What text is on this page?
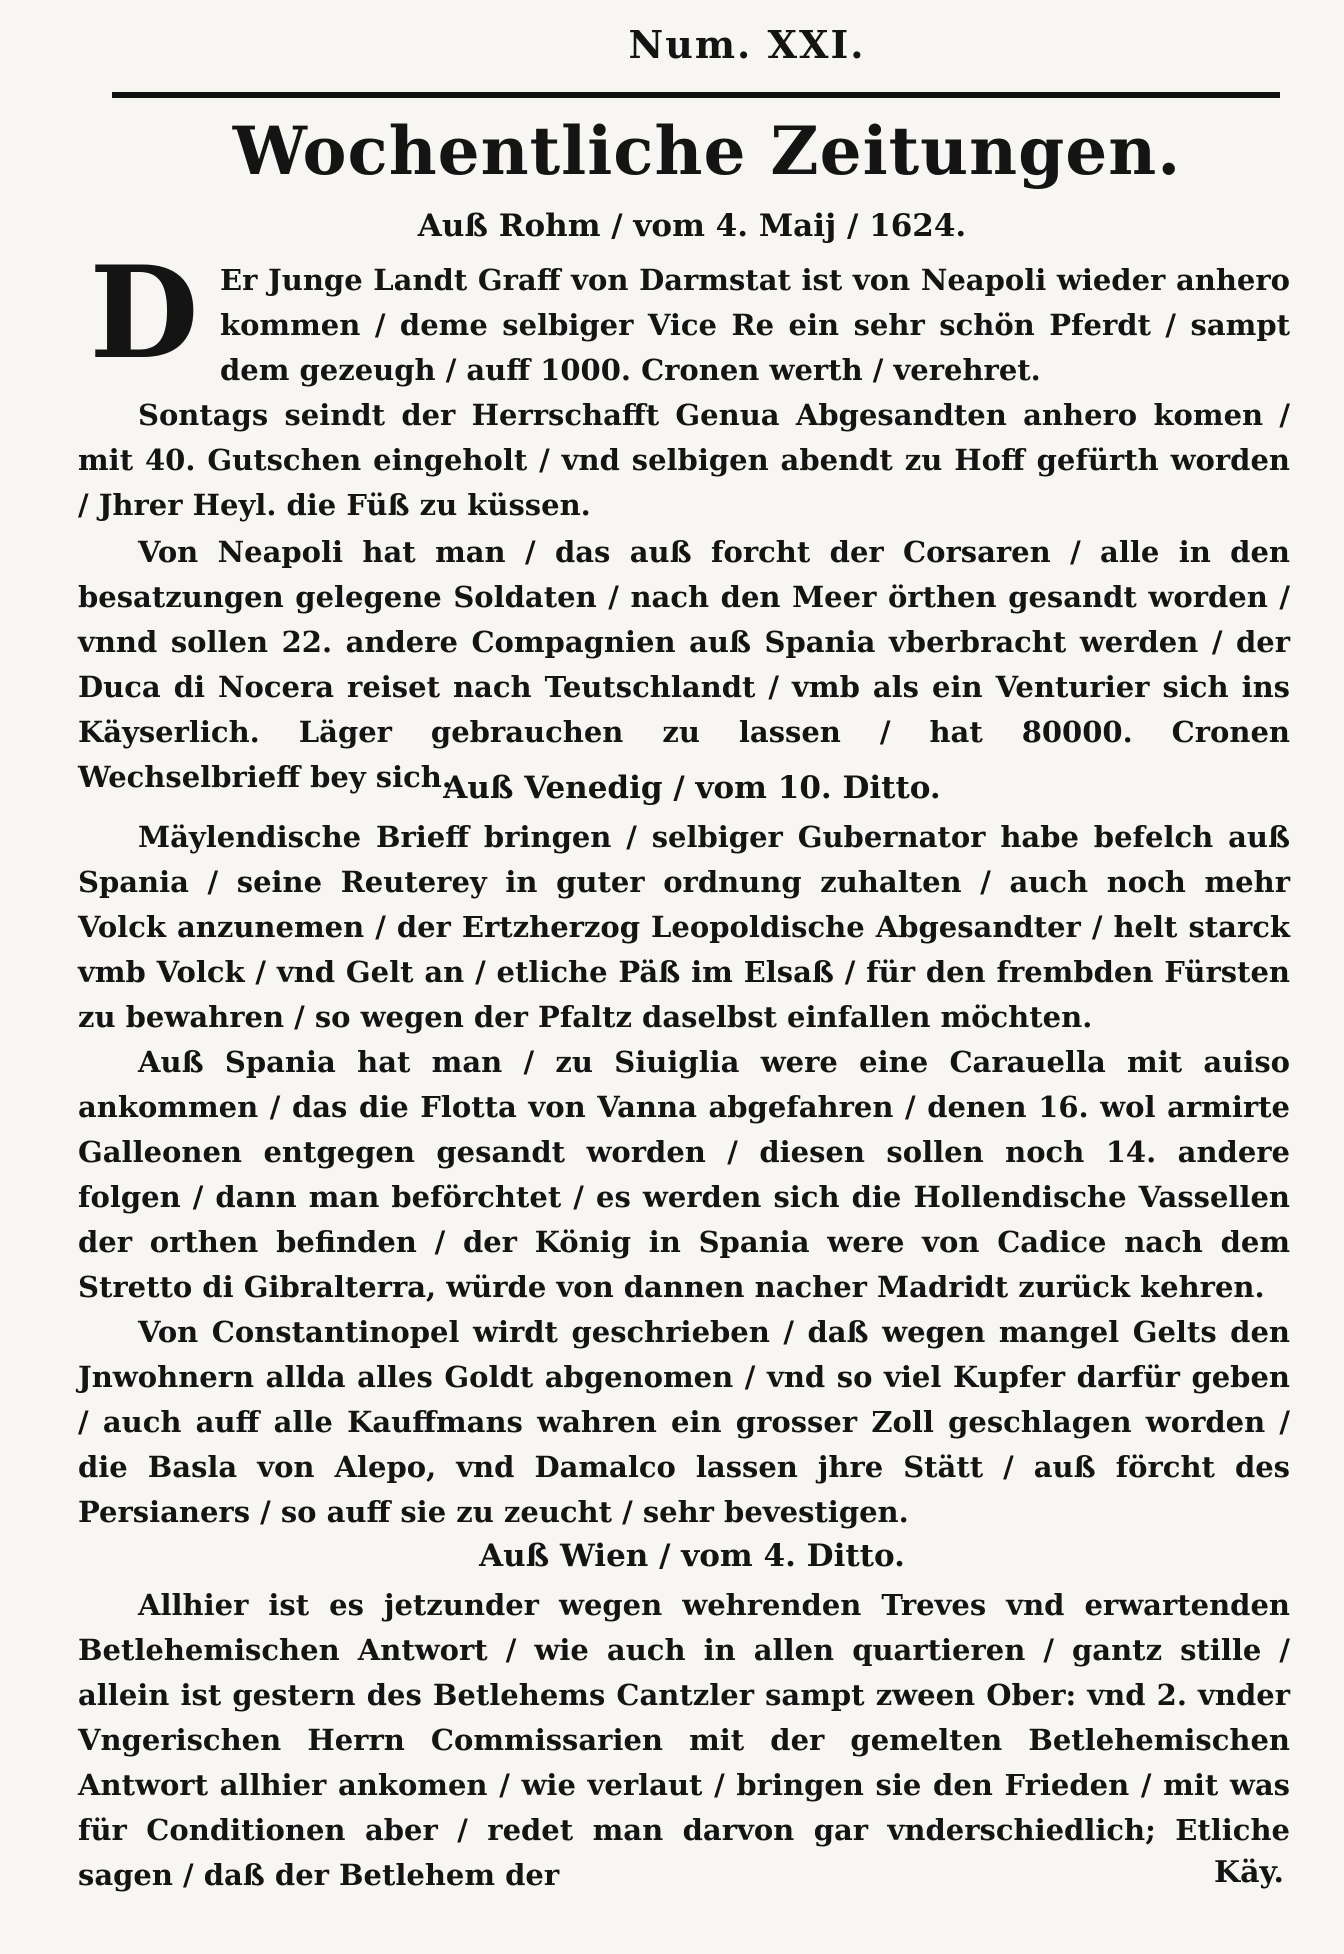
Num. XXI.
Wochentliche Zeitungen.
Auß Rohm / vom 4. Maij / 1624.
D Er Junge Landt Graff von Darmstat ist von Neapoli wieder anhero kommen / deme selbiger Vice Re ein sehr schön Pferdt / sampt dem gezeugh / auff 1000. Cronen werth / verehret.
Sontags seindt der Herrschafft Genua Abgesandten anhero komen / mit 40. Gutschen eingeholt / vnd selbigen abendt zu Hoff gefürth worden / Jhrer Heyl. die Füß zu küssen.
Von Neapoli hat man / das auß forcht der Corsaren / alle in den besatzungen gelegene Soldaten / nach den Meer örthen gesandt worden / vnnd sollen 22. andere Compagnien auß Spania vberbracht werden / der Duca di Nocera reiset nach Teutschlandt / vmb als ein Venturier sich ins Käyserlich. Läger gebrauchen zu lassen / hat 80000. Cronen Wechselbrieff bey sich.
Auß Venedig / vom 10. Ditto.
Mäylendische Brieff bringen / selbiger Gubernator habe befelch auß Spania / seine Reuterey in guter ordnung zuhalten / auch noch mehr Volck anzunemen / der Ertzherzog Leopoldische Abgesandter / helt starck vmb Volck / vnd Gelt an / etliche Päß im Elsaß / für den frembden Fürsten zu bewahren / so wegen der Pfaltz daselbst einfallen möchten.
Auß Spania hat man / zu Siuiglia were eine Carauella mit auiso ankommen / das die Flotta von Vanna abgefahren / denen 16. wol armirte Galleonen entgegen gesandt worden / diesen sollen noch 14. andere folgen / dann man beförchtet / es werden sich die Hollendische Vassellen der orthen befinden / der König in Spania were von Cadice nach dem Stretto di Gibralterra, würde von dannen nacher Madridt zurück kehren.
Von Constantinopel wirdt geschrieben / daß wegen mangel Gelts den Jnwohnern allda alles Goldt abgenomen / vnd so viel Kupfer darfür geben / auch auff alle Kauffmans wahren ein grosser Zoll geschlagen worden / die Basla von Alepo, vnd Damalco lassen jhre Stätt / auß förcht des Persianers / so auff sie zu zeucht / sehr bevestigen.
Auß Wien / vom 4. Ditto.
Allhier ist es jetzunder wegen wehrenden Treves vnd erwartenden Betlehemischen Antwort / wie auch in allen quartieren / gantz stille / allein ist gestern des Betlehems Cantzler sampt zween Ober: vnd 2. vnder Vngerischen Herrn Commissarien mit der gemelten Betlehemischen Antwort allhier ankomen / wie verlaut / bringen sie den Frieden / mit was für Conditionen aber / redet man darvon gar vnderschiedlich; Etliche sagen / daß der Betlehem der	Käy.
